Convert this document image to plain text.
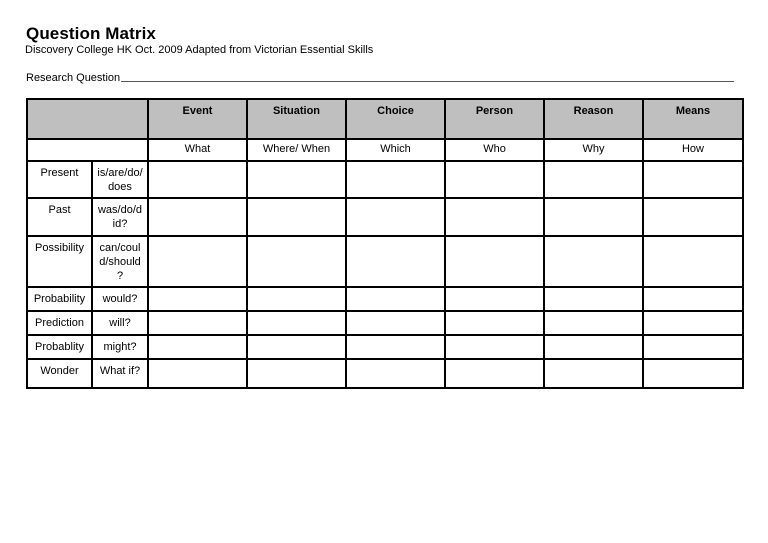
Question Matrix
Discovery College HK Oct. 2009 Adapted from Victorian Essential Skills
Research Question
		Event	Situation	Choice	Person	Reason	Means
		What	Where/ When	Which	Who	Why	How
Present	is/are/do/ does						
Past	was/do/d id?						
Possibility	can/coul d/should ?						
Probability	would?						
Prediction	will?						
Probablity	might?						
Wonder	What if?						
